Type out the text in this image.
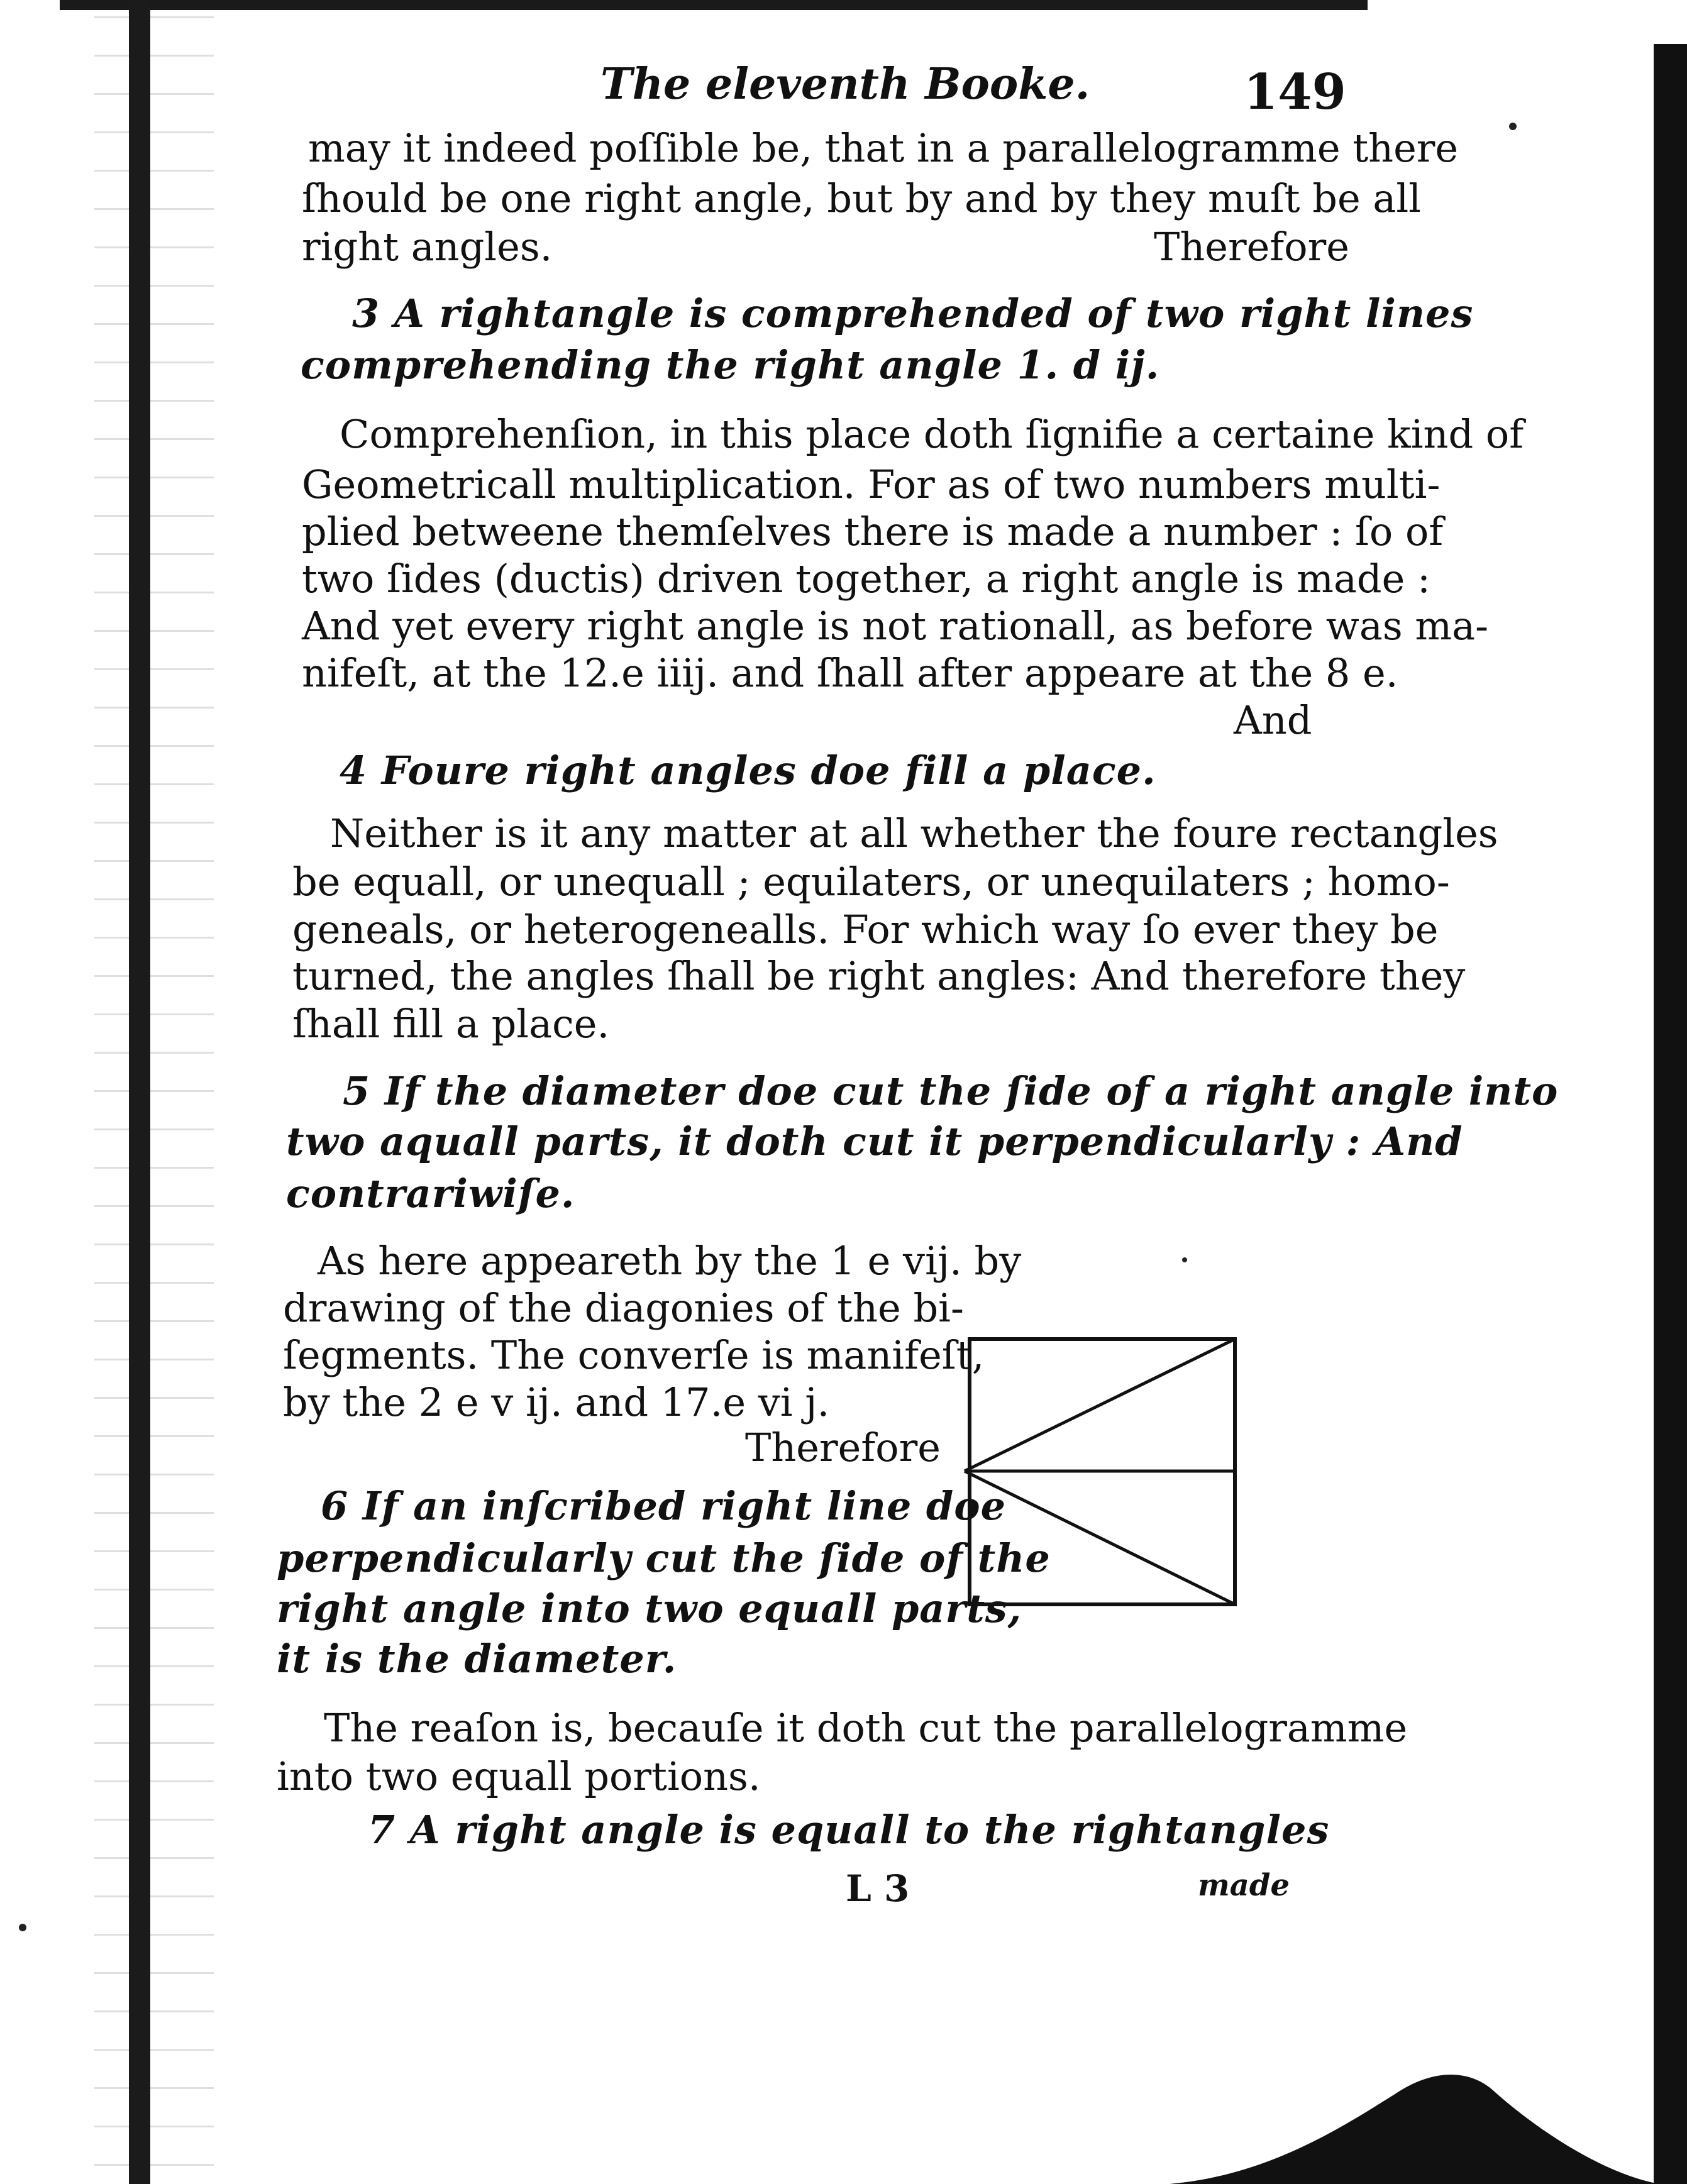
The eleventh Booke.	149
may it indeed poſſible be, that in a parallelogramme there
ſhould be one right angle, but by and by they muſt be all
right angles.	Therefore
3 A rightangle is comprehended of two right lines
comprehending the right angle 1. d ij.
Comprehenſion, in this place doth ſignifie a certaine kind of
Geometricall multiplication. For as of two numbers multi-
plied betweene themſelves there is made a number : ſo of
two ſides (ductis) driven together, a right angle is made :
And yet every right angle is not rationall, as before was ma-
nifeſt, at the 12.e iiij. and ſhall after appeare at the 8 e.
And
4 Foure right angles doe fill a place.
Neither is it any matter at all whether the foure rectangles
be equall, or unequall ; equilaters, or unequilaters ; homo-
geneals, or heterogenealls. For which way ſo ever they be
turned, the angles ſhall be right angles: And therefore they
ſhall fill a place.
5 If the diameter doe cut the ſide of a right angle into
two aquall parts, it doth cut it perpendicularly : And
contrariwiſe.
As here appeareth by the 1 e vij. by
drawing of the diagonies of the bi-
ſegments. The converſe is manifeſt,
by the 2 e v ij. and 17.e vi j.
Therefore
6 If an inſcribed right line doe
perpendicularly cut the ſide of the
right angle into two equall parts,
it is the diameter.
The reaſon is, becauſe it doth cut the parallelogramme
into two equall portions.
7 A right angle is equall to the rightangles
L 3	made
